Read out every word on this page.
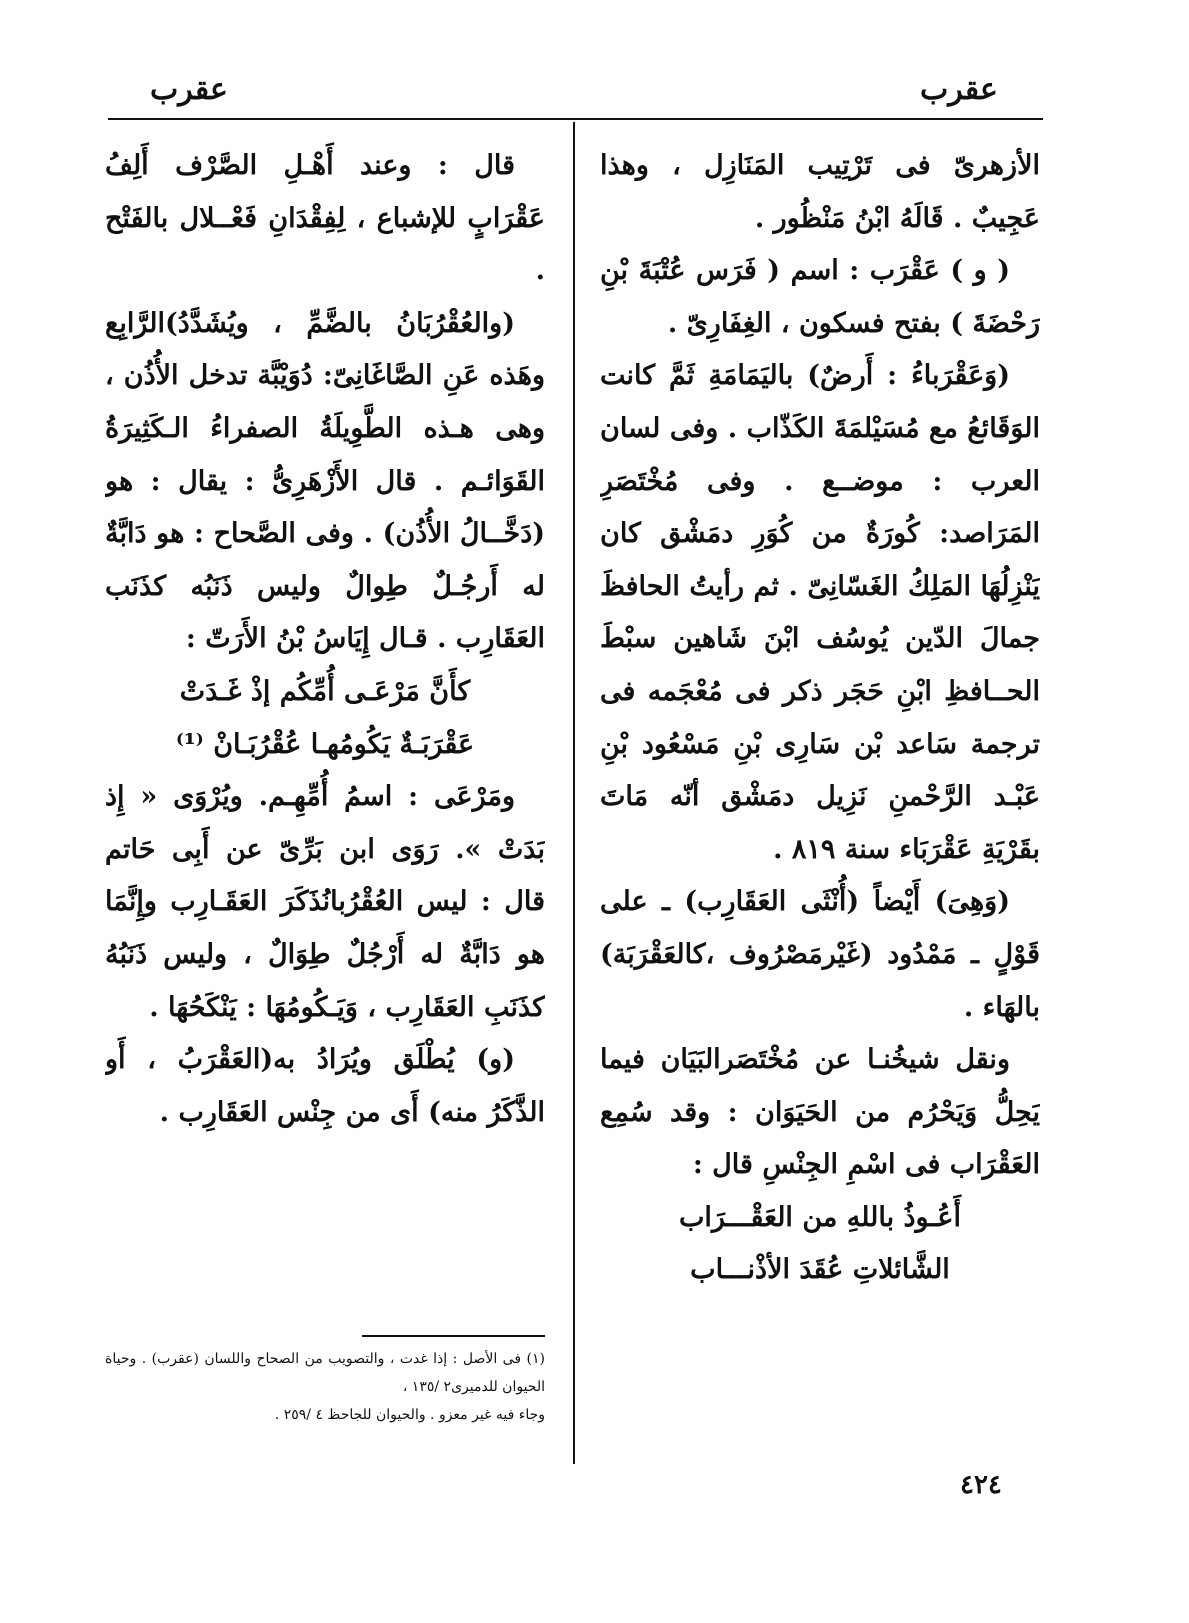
عقرب
عقرب

الأزهرىّ فى تَرْتِيب المَنَازِل ، وهذا عَجِيبٌ . قَالَهُ ابْنُ مَنْظُور .

( و ) عَقْرَب : اسم ( فَرَس عُتْبَةَ بْنِ رَحْضَةَ ) بفتح فسكون ، الغِفَارِىّ .

(وَعَقْرَباءُ : أَرضٌ) باليَمَامَةِ ثَمَّ كانت الوَقَائعُ مع مُسَيْلمَةَ الكَذّاب . وفى لسان العرب : موضــع . وفى مُخْتَصَرِ المَرَاصد: كُورَةٌ من كُوَرِ دمَشْق كان يَنْزِلُهَا المَلِكُ الغَسّانِىّ . ثم رأيتُ الحافظَ جمالَ الدّين يُوسُف ابْنَ شَاهين سبْطَ الحــافظِ ابْنِ حَجَر ذكر فى مُعْجَمه فى ترجمة سَاعد بْن سَارِى بْنِ مَسْعُود بْنِ عَبْـد الرَّحْمنِ نَزِيل دمَشْق أنّه مَاتَ بقَرْيَةِ عَقْرَبَاء سنة ٨١٩ .

(وَهِىَ) أَيْضاً (أُنْثَى العَقَارِب) ـ على قَوْلٍ ـ مَمْدُود (غَيْرمَصْرُوف ،كالعَقْرَبَة) بالهَاء .

ونقل شيخُنـا عن مُخْتَصَرالبَيَان فيما يَحِلُّ وَيَحْرُم من الحَيَوَان : وقد سُمِع العَقْرَاب فى اسْمِ الجِنْسِ قال :

أَعُـوذُ باللهِ من العَقْـــرَاب
الشَّائلاتِ عُقَدَ الأذْنـــاب

قال : وعند أَهْـلِ الصَّرْف أَلِفُ عَقْرَابٍ للإشباع ، لِفِقْدَانِ فَعْــلال بالفَتْح .

(والعُقْرُبَانُ بالضَّمِّ ، ويُشَدَّدُ)الرَّابِع وهَذه عَنِ الصَّاغَانِىّ: دُوَيْبَّة تدخل الأُذُن ، وهى هـذه الطَّوِيلَةُ الصفراءُ الـكَثِيرَةُ القَوَائـم . قال الأَزْهَرِىُّ : يقال : هو (دَخَّــالُ الأُذُن) . وفى الصَّحاح : هو دَابَّةٌ له أَرجُـلٌ طِوالٌ وليس ذَنَبُه كذَنَب العَقَارِب . قـال إِيَاسُ بْنُ الأَرَتّ :

كأَنَّ مَرْعَـى أُمِّكُم إذْ غَـدَتْ
عَقْرَبَـةٌ يَكُومُهـا عُقْرُبَـانْ ⁽¹⁾

ومَرْعَى : اسمُ أُمِّهِـم. ويُرْوَى « إِذ بَدَتْ ». رَوَى ابن بَرِّىّ عن أَبِى حَاتم قال : ليس العُقْرُبانُذَكَرَ العَقَـارِب وإِنَّمَا هو دَابَّةٌ له أَرْجُلٌ طِوَالٌ ، وليس ذَنَبُهُ كذَنَبِ العَقَارِب ، وَيَـكُومُهَا : يَنْكَحُهَا .

(و) يُطْلَق ويُرَادُ به(العَقْرَبُ ، أَو الذَّكَرُ منه) أَى من جِنْس العَقَارِب .

(١) فى الأصل : إذا غدت ، والتصويب من الصحاح واللسان (عقرب) . وحياة الحيوان للدميرى٢ /١٣٥ ،

وجاء فيه غير معزو . والحيوان للجاحظ ٤ /٢٥٩ .

٤٢٤
